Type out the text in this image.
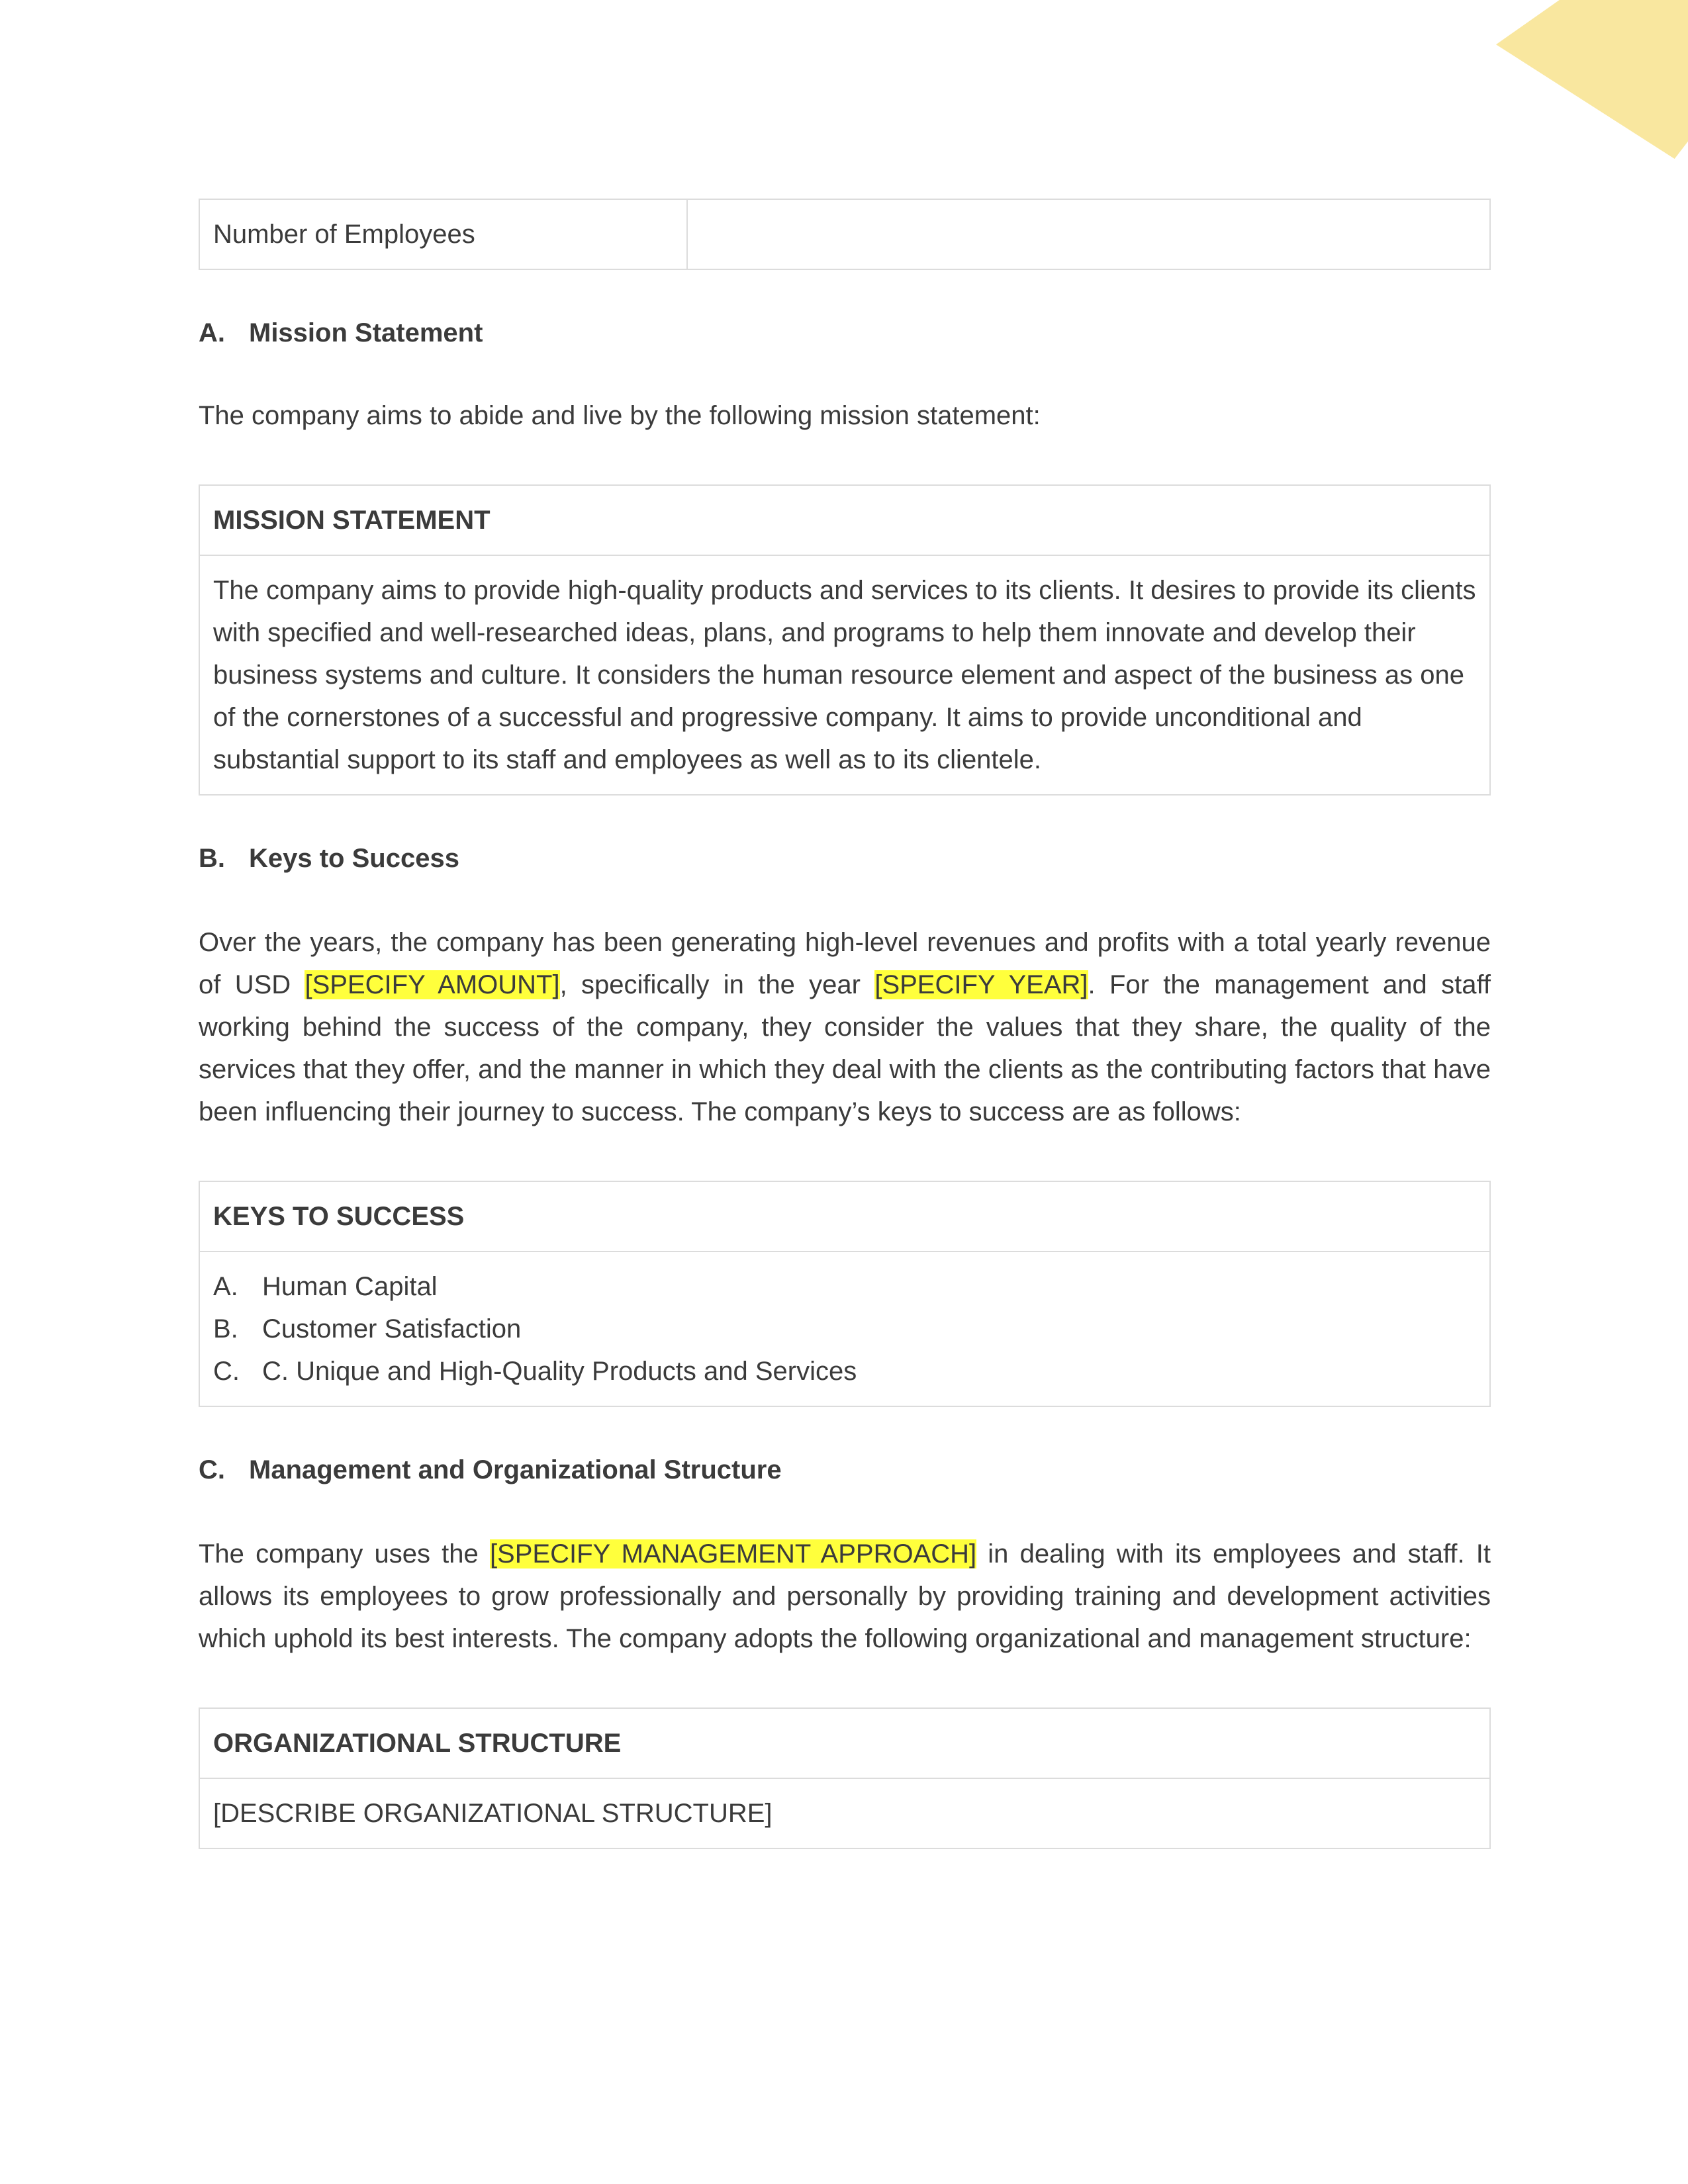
Number of Employees	
A. Mission Statement

The company aims to abide and live by the following mission statement:

MISSION STATEMENT
The company aims to provide high-quality products and services to its clients. It desires to provide its clients with specified and well-researched ideas, plans, and programs to help them innovate and develop their business systems and culture. It considers the human resource element and aspect of the business as one of the cornerstones of a successful and progressive company. It aims to provide unconditional and substantial support to its staff and employees as well as to its clientele.
B. Keys to Success

Over the years, the company has been generating high-level revenues and profits with a total yearly revenue of USD [SPECIFY AMOUNT], specifically in the year [SPECIFY YEAR]. For the management and staff working behind the success of the company, they consider the values that they share, the quality of the services that they offer, and the manner in which they deal with the clients as the contributing factors that have been influencing their journey to success. The company’s keys to success are as follows:

KEYS TO SUCCESS

A. Human Capital
B. Customer Satisfaction
C. C. Unique and High-Quality Products and Services
C. Management and Organizational Structure

The company uses the [SPECIFY MANAGEMENT APPROACH] in dealing with its employees and staff. It allows its employees to grow professionally and personally by providing training and development activities which uphold its best interests. The company adopts the following organizational and management structure:

ORGANIZATIONAL STRUCTURE
[DESCRIBE ORGANIZATIONAL STRUCTURE]
